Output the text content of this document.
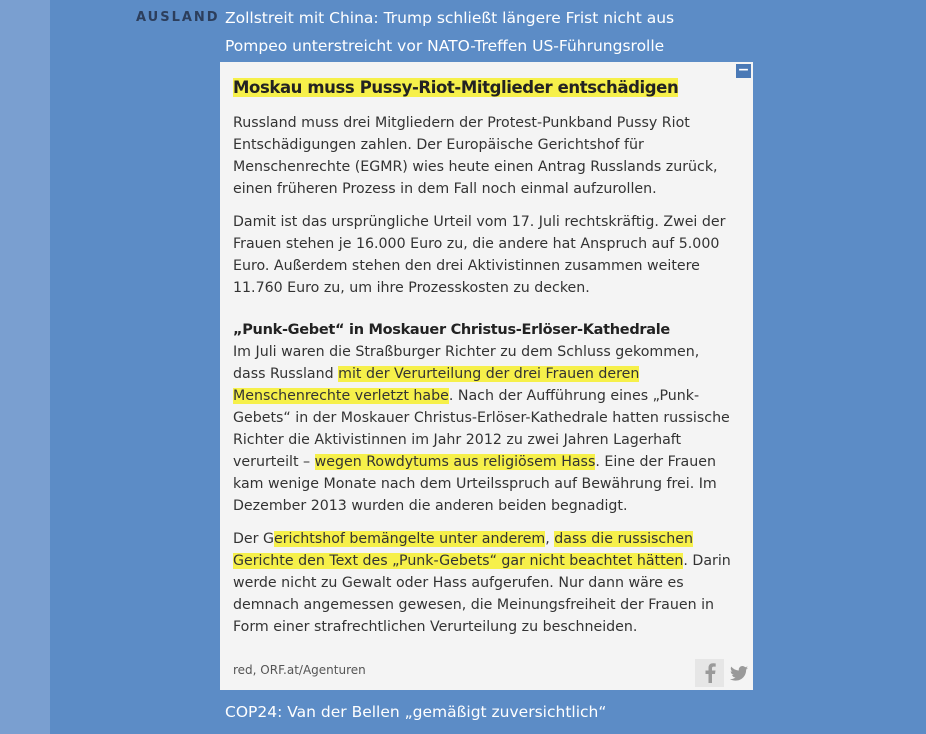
AUSLAND Zollstreit mit China: Trump schließt längere Frist nicht aus
Pompeo unterstreicht vor NATO-Treffen US-Führungsrolle
−
Moskau muss Pussy-Riot-Mitglieder entschädigen

Russland muss drei Mitgliedern der Protest-Punkband Pussy Riot Entschädigungen zahlen. Der Europäische Gerichtshof für Menschenrechte (EGMR) wies heute einen Antrag Russlands zurück, einen früheren Prozess in dem Fall noch einmal aufzurollen.

Damit ist das ursprüngliche Urteil vom 17. Juli rechtskräftig. Zwei der Frauen stehen je 16.000 Euro zu, die andere hat Anspruch auf 5.000 Euro. Außerdem stehen den drei Aktivistinnen zusammen weitere 11.760 Euro zu, um ihre Prozesskosten zu decken.

„Punk-Gebet“ in Moskauer Christus-Erlöser-Kathedrale

Im Juli waren die Straßburger Richter zu dem Schluss gekommen, dass Russland mit der Verurteilung der drei Frauen deren Menschenrechte verletzt habe. Nach der Aufführung eines „Punk-Gebets“ in der Moskauer Christus-Erlöser-Kathedrale hatten russische Richter die Aktivistinnen im Jahr 2012 zu zwei Jahren Lagerhaft verurteilt – wegen Rowdytums aus religiösem Hass. Eine der Frauen kam wenige Monate nach dem Urteilsspruch auf Bewährung frei. Im Dezember 2013 wurden die anderen beiden begnadigt.

Der Gerichtshof bemängelte unter anderem, dass die russischen Gerichte den Text des „Punk-Gebets“ gar nicht beachtet hätten. Darin werde nicht zu Gewalt oder Hass aufgerufen. Nur dann wäre es demnach angemessen gewesen, die Meinungsfreiheit der Frauen in Form einer strafrechtlichen Verurteilung zu beschneiden.

red, ORF.at/Agenturen
COP24: Van der Bellen „gemäßigt zuversichtlich“
